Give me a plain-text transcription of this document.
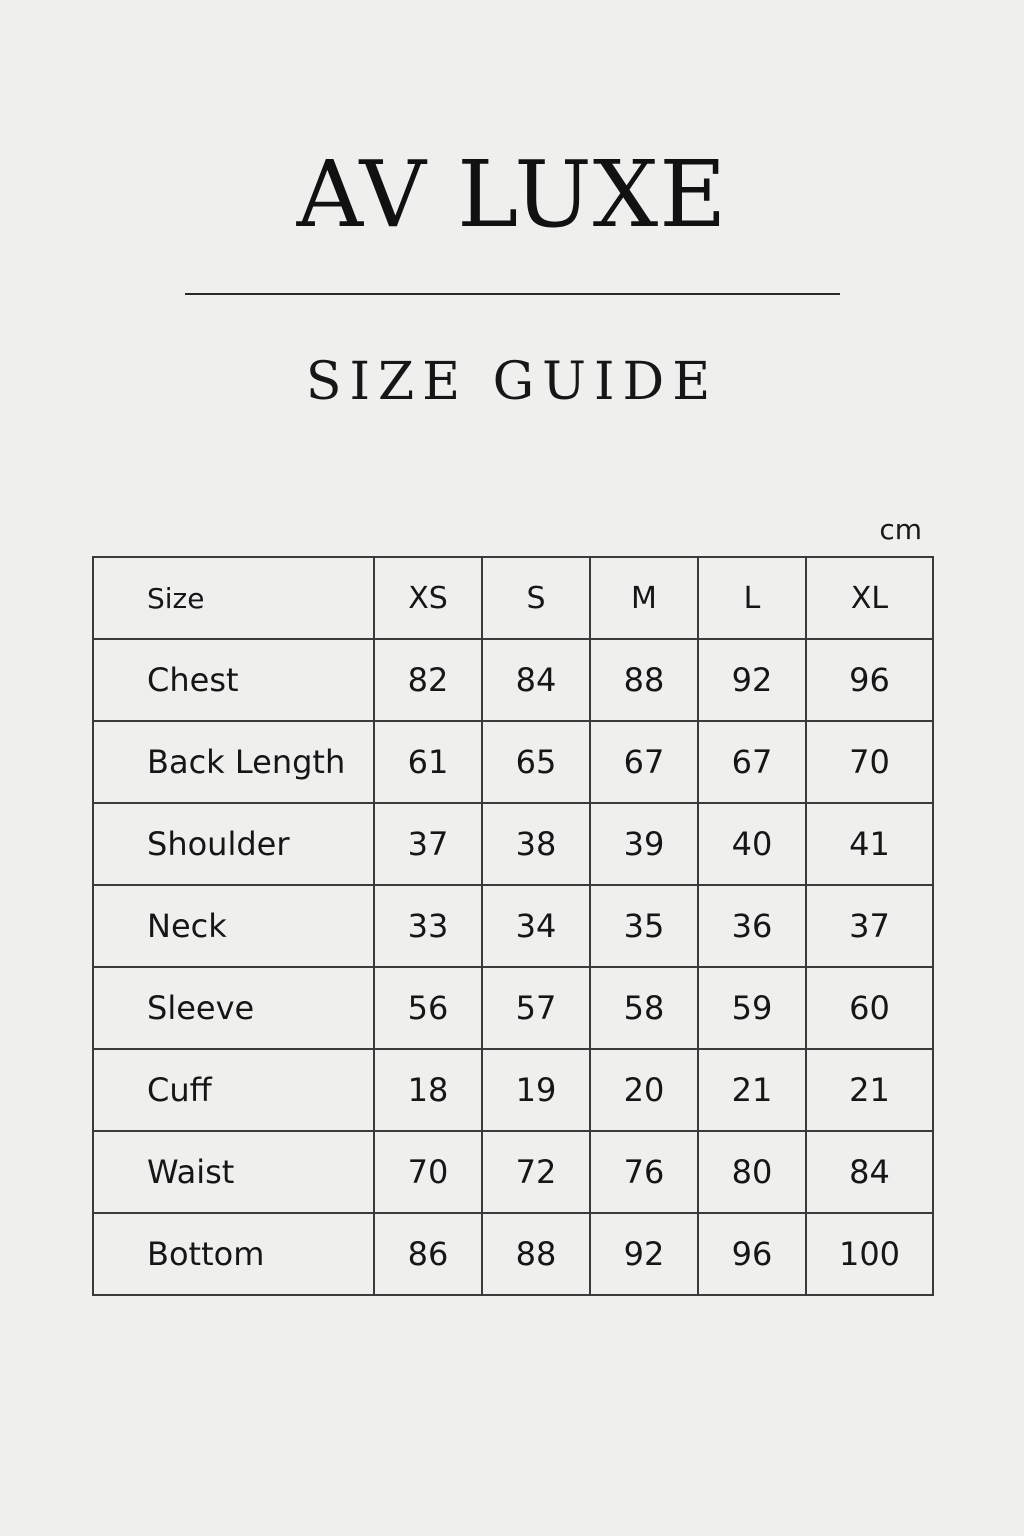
AV LUXE
SIZE GUIDE
cm
Size	XS	S	M	L	XL
Chest	82	84	88	92	96
Back Length	61	65	67	67	70
Shoulder	37	38	39	40	41
Neck	33	34	35	36	37
Sleeve	56	57	58	59	60
Cuff	18	19	20	21	21
Waist	70	72	76	80	84
Bottom	86	88	92	96	100
